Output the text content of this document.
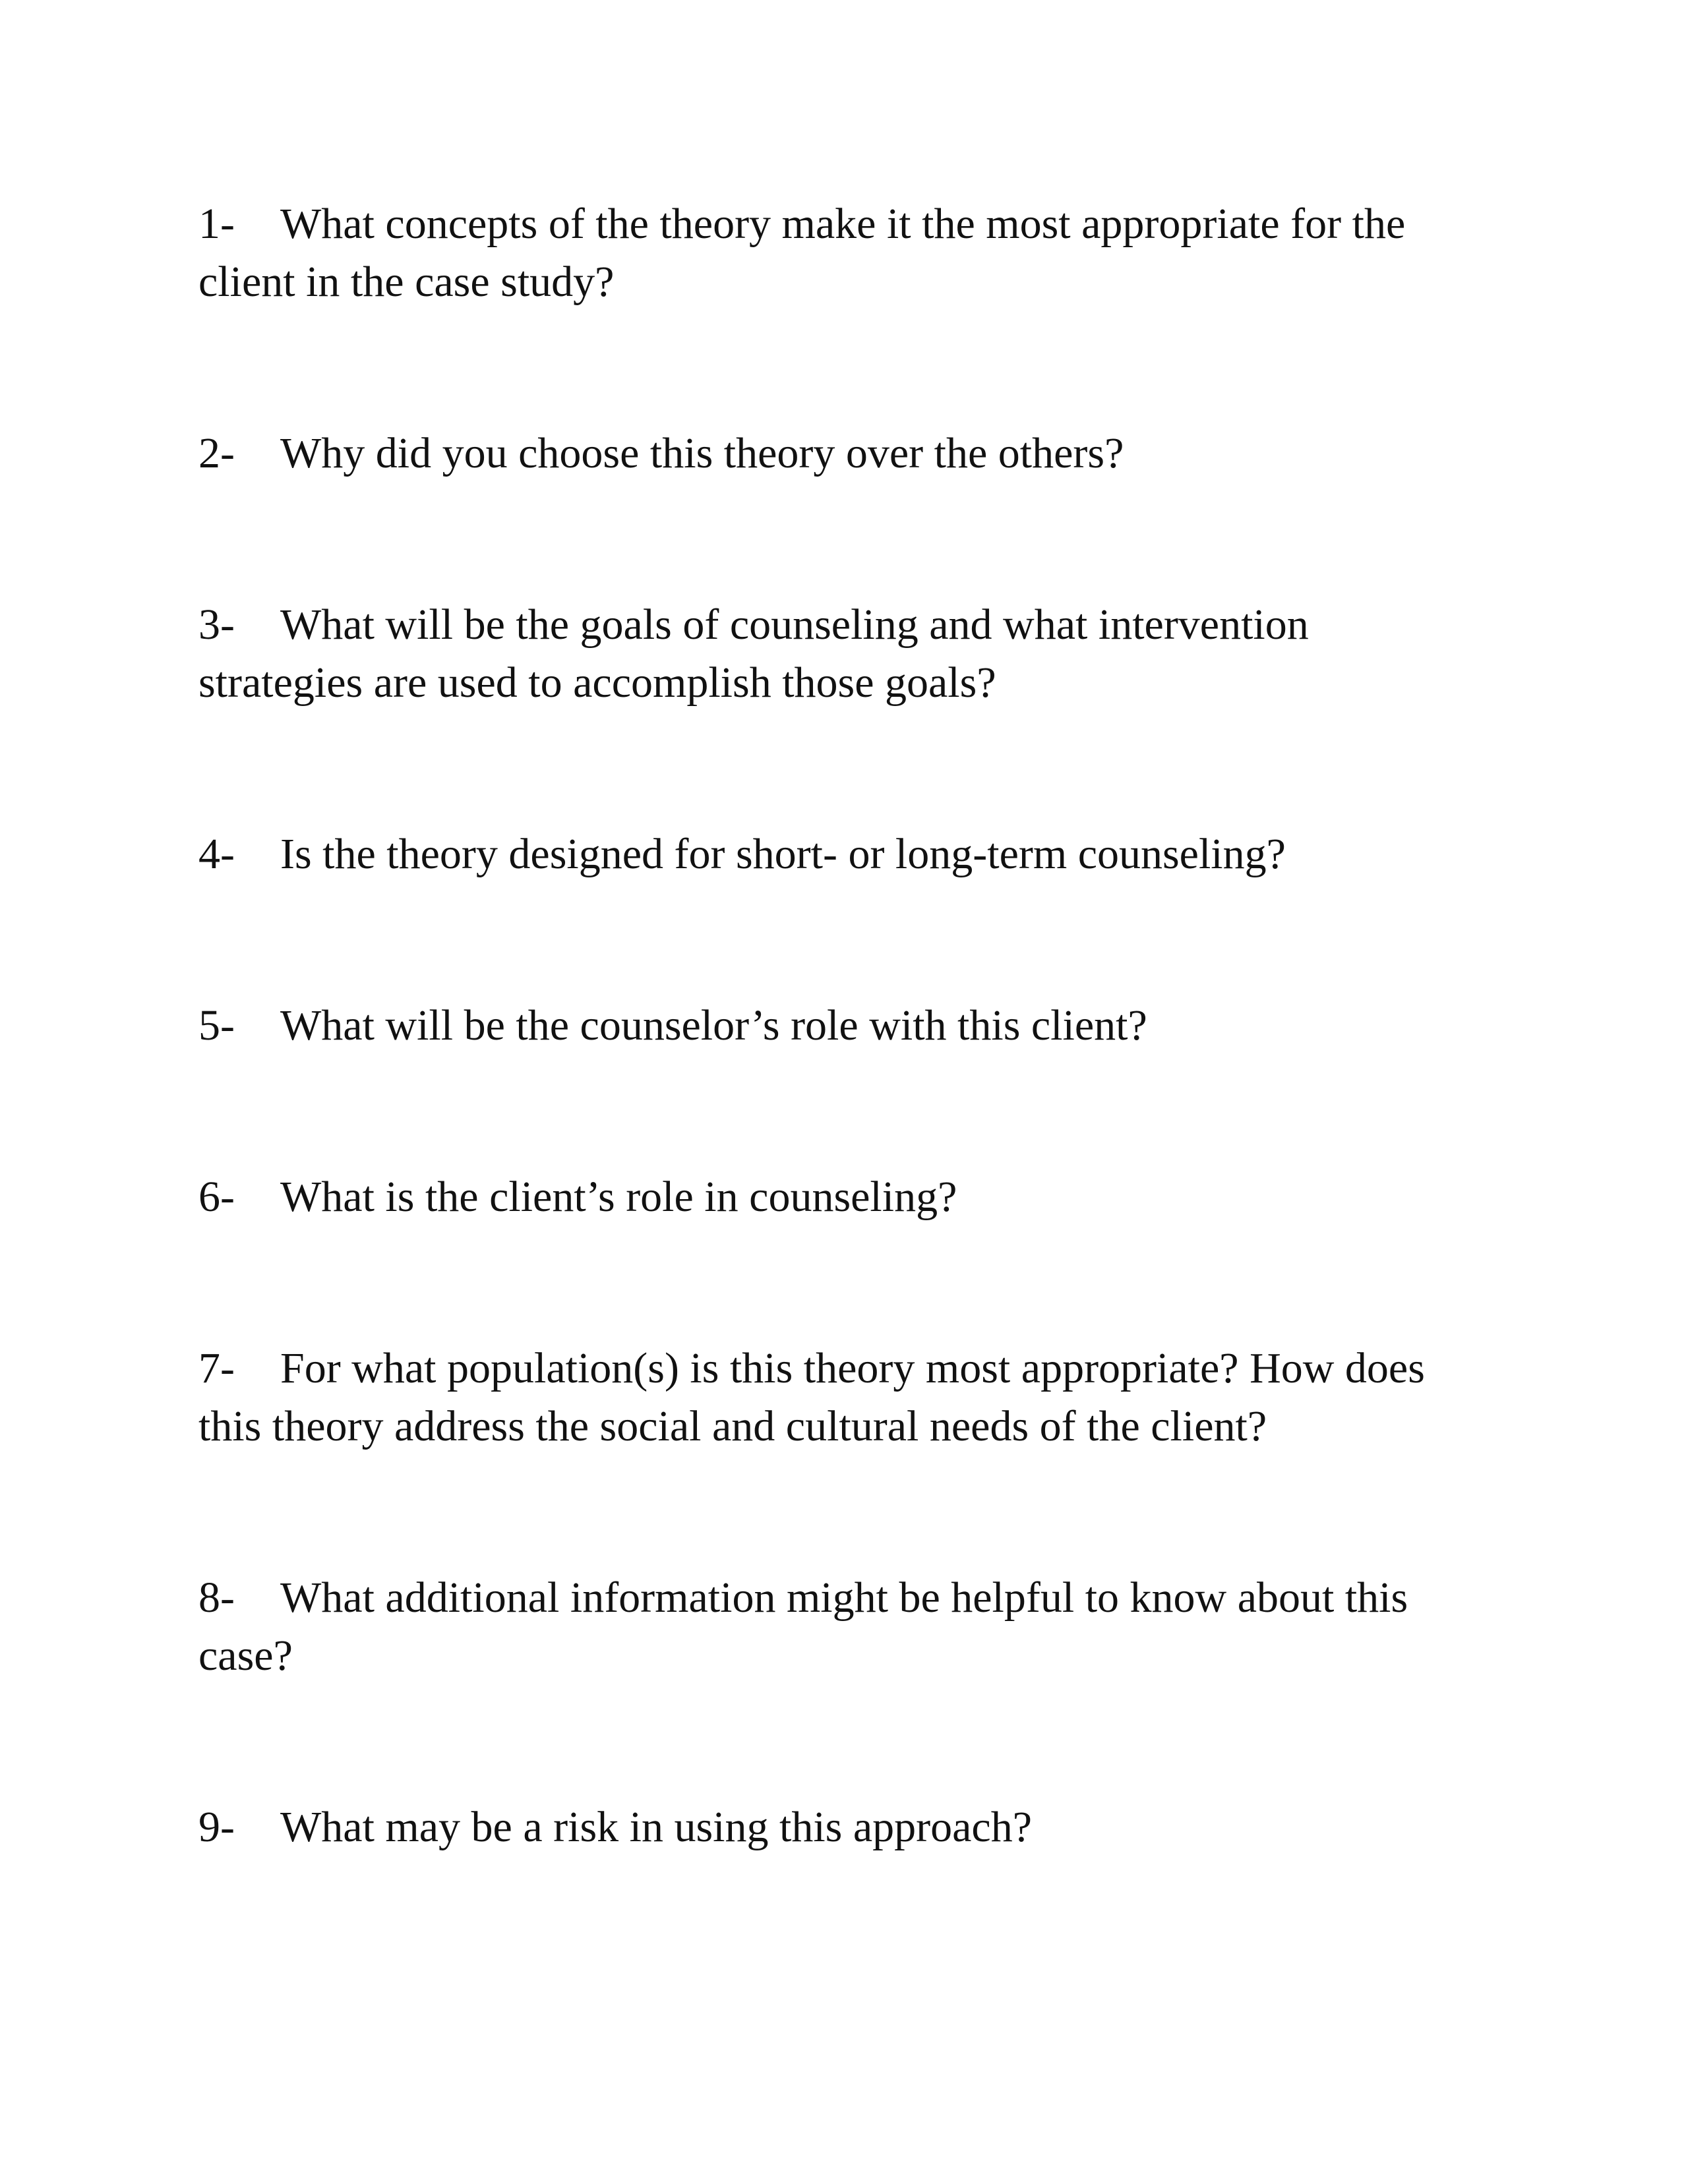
1- What concepts of the theory make it the most appropriate for the client in the case study?

2- Why did you choose this theory over the others?

3- What will be the goals of counseling and what intervention strategies are used to accomplish those goals?

4- Is the theory designed for short- or long-term counseling?

5- What will be the counselor’s role with this client?

6- What is the client’s role in counseling?

7- For what population(s) is this theory most appropriate? How does this theory address the social and cultural needs of the client?

8- What additional information might be helpful to know about this case?

9- What may be a risk in using this approach?
